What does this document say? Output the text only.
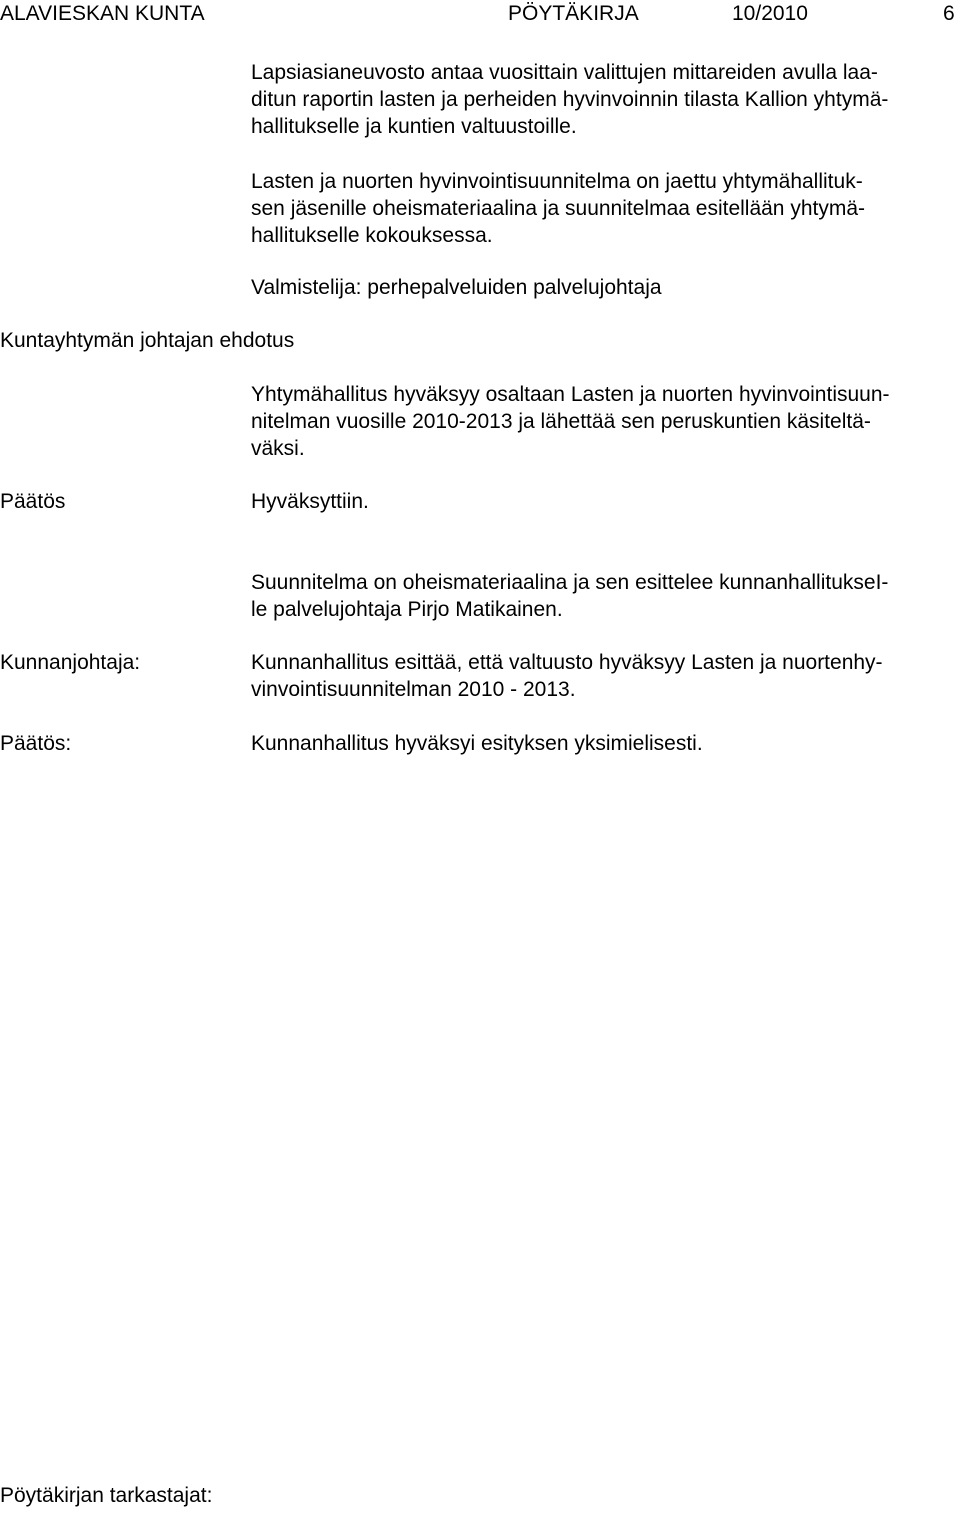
ALAVIESKAN KUNTA	PÖYTÄKIRJA	10/2010	6
Lapsiasianeuvosto antaa vuosittain valittujen mittareiden avulla laa-
ditun raportin lasten ja perheiden hyvinvoinnin tilasta Kallion yhtymä-
hallitukselle ja kuntien valtuustoille.
Lasten ja nuorten hyvinvointisuunnitelma on jaettu yhtymähallituk-
sen jäsenille oheismateriaalina ja suunnitelmaa esitellään yhtymä-
hallitukselle kokouksessa.
Valmistelija: perhepalveluiden palvelujohtaja
Kuntayhtymän johtajan ehdotus
Yhtymähallitus hyväksyy osaltaan Lasten ja nuorten hyvinvointisuun-
nitelman vuosille 2010-2013 ja lähettää sen peruskuntien käsiteltä-
väksi.
Päätös	Hyväksyttiin.
Suunnitelma on oheismateriaalina ja sen esittelee kunnanhallitukseI-
le palvelujohtaja Pirjo Matikainen.
Kunnanjohtaja:	Kunnanhallitus esittää, että valtuusto hyväksyy Lasten ja nuortenhy-
vinvointisuunnitelman 2010 - 2013.
Päätös:	Kunnanhallitus hyväksyi esityksen yksimielisesti.
Pöytäkirjan tarkastajat:
